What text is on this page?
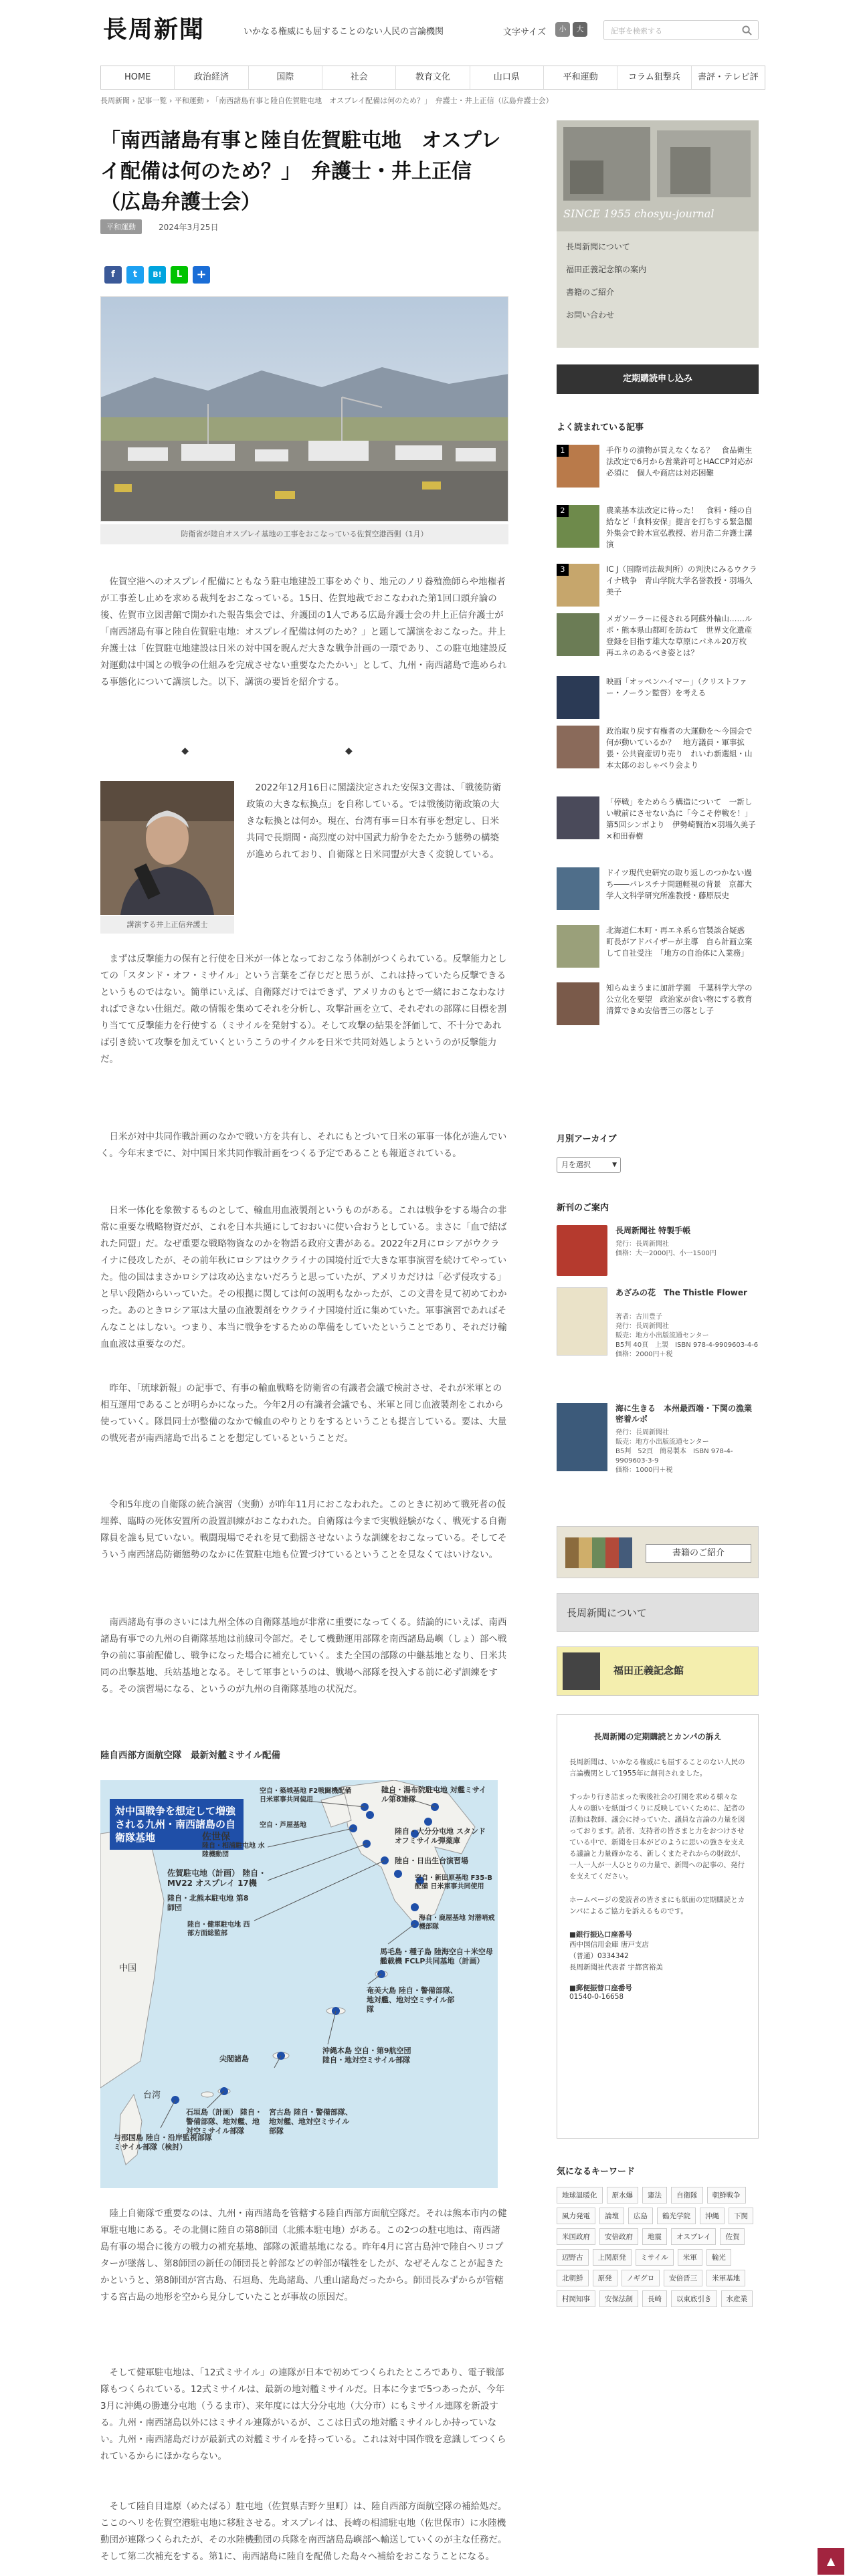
長周新聞	いかなる権威にも屈することのない人民の言論機関	文字サイズ	小	大	記事を検索する
HOME	政治経済	国際	社会	教育文化	山口県	平和運動	コラム狙撃兵	書評・テレビ評
長周新聞 › 記事一覧 › 平和運動 › 「南西諸島有事と陸自佐賀駐屯地　オスプレイ配備は何のため？」　弁護士・井上正信（広島弁護士会）
「南西諸島有事と陸自佐賀駐屯地　オスプレイ配備は何のため？」　弁護士・井上正信（広島弁護士会）
平和運動	2024年3月25日
f	t	B!	L	+
防衛省が陸自オスプレイ基地の工事をおこなっている佐賀空港西側（1月）
佐賀空港へのオスプレイ配備にともなう駐屯地建設工事をめぐり、地元のノリ養殖漁師らや地権者が工事差し止めを求める裁判をおこなっている。15日、佐賀地裁でおこなわれた第1回口頭弁論の後、佐賀市立図書館で開かれた報告集会では、弁護団の1人である広島弁護士会の井上正信弁護士が「南西諸島有事と陸自佐賀駐屯地：オスプレイ配備は何のため？」と題して講演をおこなった。井上弁護士は「佐賀駐屯地建設は日米の対中国を睨んだ大きな戦争計画の一環であり、この駐屯地建設反対運動は中国との戦争の仕組みを完成させない重要なたたかい」として、九州・南西諸島で進められる事態化について講演した。以下、講演の要旨を紹介する。
◆　◆
講演する井上正信弁護士
2022年12月16日に閣議決定された安保3文書は、「戦後防衛政策の大きな転換点」を自称している。では戦後防衛政策の大きな転換とは何か。現在、台湾有事＝日本有事を想定し、日米共同で長期間・高烈度の対中国武力紛争をたたかう態勢の構築が進められており、自衛隊と日米同盟が大きく変貌している。
まずは反撃能力の保有と行使を日米が一体となっておこなう体制がつくられている。反撃能力としての「スタンド・オフ・ミサイル」という言葉をご存じだと思うが、これは持っていたら反撃できるというものではない。簡単にいえば、自衛隊だけではできず、アメリカのもとで一緒におこなわなければできない仕組だ。敵の情報を集めてそれを分析し、攻撃計画を立て、それぞれの部隊に目標を割り当てて反撃能力を行使する（ミサイルを発射する）。そして攻撃の結果を評価して、不十分であれば引き続いて攻撃を加えていくというこうのサイクルを日米で共同対処しようというのが反撃能力だ。
日米が対中共同作戦計画のなかで戦い方を共有し、それにもとづいて日米の軍事一体化が進んでいく。今年末までに、対中国日米共同作戦計画をつくる予定であることも報道されている。
日米一体化を象徴するものとして、輸血用血液製剤というものがある。これは戦争をする場合の非常に重要な戦略物資だが、これを日本共通にしておおいに使い合おうとしている。まさに「血で結ばれた同盟」だ。なぜ重要な戦略物資なのかを物語る政府文書がある。2022年2月にロシアがウクライナに侵攻したが、その前年秋にロシアはウクライナの国境付近で大きな軍事演習を続けてやっていた。他の国はまさかロシアは攻め込まないだろうと思っていたが、アメリカだけは「必ず侵攻する」と早い段階からいっていた。その根拠に関しては何の説明もなかったが、この文書を見て初めてわかった。あのときロシア軍は大量の血液製剤をウクライナ国境付近に集めていた。軍事演習であればそんなことはしない。つまり、本当に戦争をするための準備をしていたということであり、それだけ輸血血液は重要なのだ。
昨年、「琉球新報」の記事で、有事の輸血戦略を防衛省の有識者会議で検討させ、それが米軍との相互運用であることが明らかになった。今年2月の有識者会議でも、米軍と同じ血液製剤をこれから使っていく。隊員同士が整備のなかで輸血のやりとりをするということも提言している。要は、大量の戦死者が南西諸島で出ることを想定しているということだ。
令和5年度の自衛隊の統合演習（実動）が昨年11月におこなわれた。このときに初めて戦死者の仮埋葬、臨時の死体安置所の設置訓練がおこなわれた。自衛隊は今まで実戦経験がなく、戦死する自衛隊員を誰も見ていない。戦闘現場でそれを見て動揺させないような訓練をおこなっている。そしてそういう南西諸島防衛態勢のなかに佐賀駐屯地も位置づけているということを見なくてはいけない。
南西諸島有事のさいには九州全体の自衛隊基地が非常に重要になってくる。結論的にいえば、南西諸島有事での九州の自衛隊基地は前線司令部だ。そして機動運用部隊を南西諸島島嶼（しょ）部へ戦争の前に事前配備し、戦争になった場合に補充していく。また全国の部隊の中継基地となり、日米共同の出撃基地、兵站基地となる。そして軍事というのは、戦場へ部隊を投入する前に必ず訓練をする。その演習場になる、というのが九州の自衛隊基地の状況だ。
陸自西部方面航空隊　最新対艦ミサイル配備
対中国戦争を想定して増強される九州・南西諸島の自衛隊基地
空自・築城基地 F2戦闘機配備 日米軍事共同使用
空自・芦屋基地
佐世保
陸自・相浦駐屯地 水陸機動団
佐賀駐屯地（計画） 陸自・MV22 オスプレイ 17機
陸自・北熊本駐屯地 第8師団
陸自・健軍駐屯地 西部方面総監部
陸自・湯布院駐屯地 対艦ミサイル第8連隊
陸自・大分分屯地 スタンドオフミサイル弾薬庫
陸自・日出生台演習場
空自・新田原基地 F35-B配備 日米軍事共同使用
海自・鹿屋基地 対潜哨戒機部隊
馬毛島・種子島 陸海空自＋米空母艦載機 FCLP共同基地（計画）
奄美大島 陸自・警備部隊、地対艦、地対空ミサイル部隊
沖縄本島 空自・第9航空団 陸自・地対空ミサイル部隊
尖閣諸島
宮古島 陸自・警備部隊、地対艦、地対空ミサイル部隊
石垣島（計画） 陸自・警備部隊、地対艦、地対空ミサイル部隊
与那国島 陸自・沿岸監視部隊 ミサイル部隊（検討）
中国
台湾
陸上自衛隊で重要なのは、九州・南西諸島を管轄する陸自西部方面航空隊だ。それは熊本市内の健軍駐屯地にある。その北側に陸自の第8師団（北熊本駐屯地）がある。この2つの駐屯地は、南西諸島有事の場合に後方の戦力の補充基地、部隊の派遣基地になる。昨年4月に宮古島沖で陸自ヘリコプターが墜落し、第8師団の新任の師団長と幹部などの幹部が犠牲をしたが、なぜそんなことが起きたかというと、第8師団が宮古島、石垣島、先島諸島、八重山諸島だったから。師団長みずからが管轄する宮古島の地形を空から見分していたことが事故の原因だ。
そして健軍駐屯地は、「12式ミサイル」の連隊が日本で初めてつくられたところであり、電子戦部隊もつくられている。12式ミサイルは、最新の地対艦ミサイルだ。日本に今まで5つあったが、今年3月に沖縄の勝連分屯地（うるま市）、来年度には大分分屯地（大分市）にもミサイル連隊を新設する。九州・南西諸島以外にはミサイル連隊がいるが、ここは日式の地対艦ミサイルしか持っていない。九州・南西諸島だけが最新式の対艦ミサイルを持っている。これは対中国作戦を意識してつくられているからにほかならない。
そして陸自目達原（めたばる）駐屯地（佐賀県吉野ケ里町）は、陸自西部方面航空隊の補給処だ。ここのヘリを佐賀空港駐屯地に移駐させる。オスプレイは、長崎の相浦駐屯地（佐世保市）に水陸機動団が連隊つくられたが、その水陸機動団の兵隊を南西諸島島嶼部へ輸送していくのが主な任務だ。そして第二次補充をする。第1に、南西諸島に陸自を配備した島々へ補給をおこなうことになる。
SINCE 1955 chosyu-journal
長周新聞について
福田正義記念館の案内
書籍のご紹介
お問い合わせ
定期購読申し込み
よく読まれている記事
1	手作りの漬物が買えなくなる？　食品衛生法改定で6月から営業許可とHACCP対応が必須に　個人や商店は対応困難
2	農業基本法改定に待った！　食料・種の自給など「食料安保」提言を打ちする緊急閣外集会で鈴木宣弘教授、岩月浩二弁護士講演
3	IC J（国際司法裁判所）の判決にみるウクライナ戦争　青山学院大学名誉教授・羽場久美子
メガソーラーに侵される阿蘇外輪山……ルポ・熊本県山都町を訪ねて　世界文化遺産登録を目指す雄大な草原にパネル20万枚　再エネのあるべき姿とは？
映画「オッペンハイマー」（クリストファー・ノーラン監督）を考える
政治取り戻す有権者の大運動を～今国会で何が動いているか？　地方議員・軍事拡張・公共資産切り売り　れいわ新選組・山本太郎のおしゃべり会より
「停戦」をためらう構造について　一新しい戦前にさせない為に「今こそ停戦を！」第5回シンポより　伊勢崎賢治×羽場久美子×和田春樹
ドイツ現代史研究の取り返しのつかない過ち――パレスチナ問題軽視の背景　京都大学人文科学研究所准教授・藤原辰史
北海道仁木町・再エネ系ら官製談合疑惑　町長がアドバイザーが主導　自ら計画立案して自社受注　「地方の自治体に入業務」
知らぬまうまに加計学園　千葉科学大学の公立化を要望　政治家が食い物にする教育　清算できぬ安倍晋三の落とし子
月別アーカイブ
月を選択	▼
新刊のご案内
長周新聞社 特製手帳
発行：長周新聞社
価格：大一2000円、小一1500円
あざみの花　The Thistle Flower
著者：古川豊子
発行：長周新聞社
販売：地方小出版流通センター
B5判 40頁　上製　ISBN 978-4-9909603-4-6
価格：2000円＋税
海に生きる　本州最西端・下関の漁業密着ルポ
発行：長周新聞社
販売：地方小出版流通センター
B5判　52頁　簡易製本　ISBN 978-4-9909603-3-9
価格：1000円＋税
書籍のご紹介
長周新聞について
福田正義記念館
長周新聞の定期購読とカンパの訴え
長周新聞は、いかなる権威にも屈することのない人民の言論機関として1955年に創刊されました。
すっかり行き詰まった戦後社会の打開を求める様々な人々の願いを紙面づくりに反映していくために、記者の活動は教師、議会に持っていた、議員な言論の力量を図っております。読者、支持者の皆さまと力をおつけさせている中で、新聞を日本がどのように思いの強さを支える議論と力量確かなる、新しくまたそれからの財政が、一人一人が一人ひとりの力量で、新聞への記事の、発行を支えてください。
ホームページの愛読者の皆さまにも紙面の定期購読とカンパによるご協力を訴えるものです。
■銀行振込口座番号
西中国信用金庫 唐戸支店
（普通）0334342
長周新聞社代表者 宇都宮裕美
■郵便振替口座番号
01540-0-16658
気になるキーワード
地球温暖化	原水爆	憲法	自衛隊	朝鮮戦争
風力発電	論壇	広島	鶴光学院	沖縄	下関
米国政府	安倍政府	地震	オスプレイ	佐賀
辺野古	上関原発	ミサイル	米軍	輸光
北朝鮮	原発	ノギグロ	安倍晋三	米軍基地
村岡知事	安保法制	長崎	以東底引き	水産業
▲
